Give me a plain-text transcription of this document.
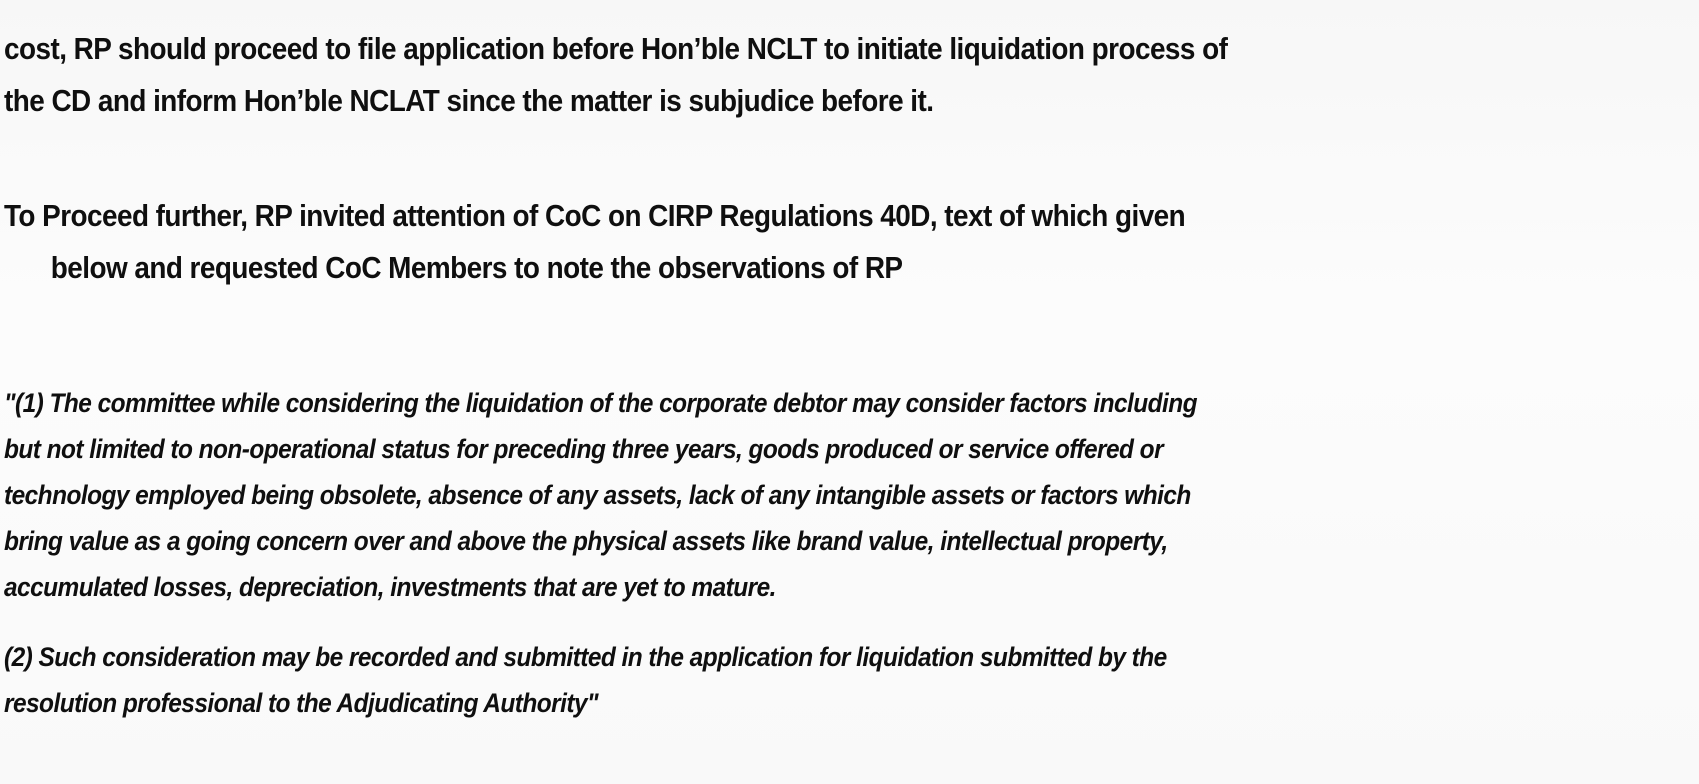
cost, RP should proceed to file application before Hon’ble NCLT to initiate liquidation process of
the CD and inform Hon’ble NCLAT since the matter is subjudice before it.
To Proceed further, RP invited attention of CoC on CIRP Regulations 40D, text of which given
below and requested CoC Members to note the observations of RP
"(1) The committee while considering the liquidation of the corporate debtor may consider factors including
but not limited to non-operational status for preceding three years, goods produced or service offered or
technology employed being obsolete, absence of any assets, lack of any intangible assets or factors which
bring value as a going concern over and above the physical assets like brand value, intellectual property,
accumulated losses, depreciation, investments that are yet to mature.
(2) Such consideration may be recorded and submitted in the application for liquidation submitted by the
resolution professional to the Adjudicating Authority"
